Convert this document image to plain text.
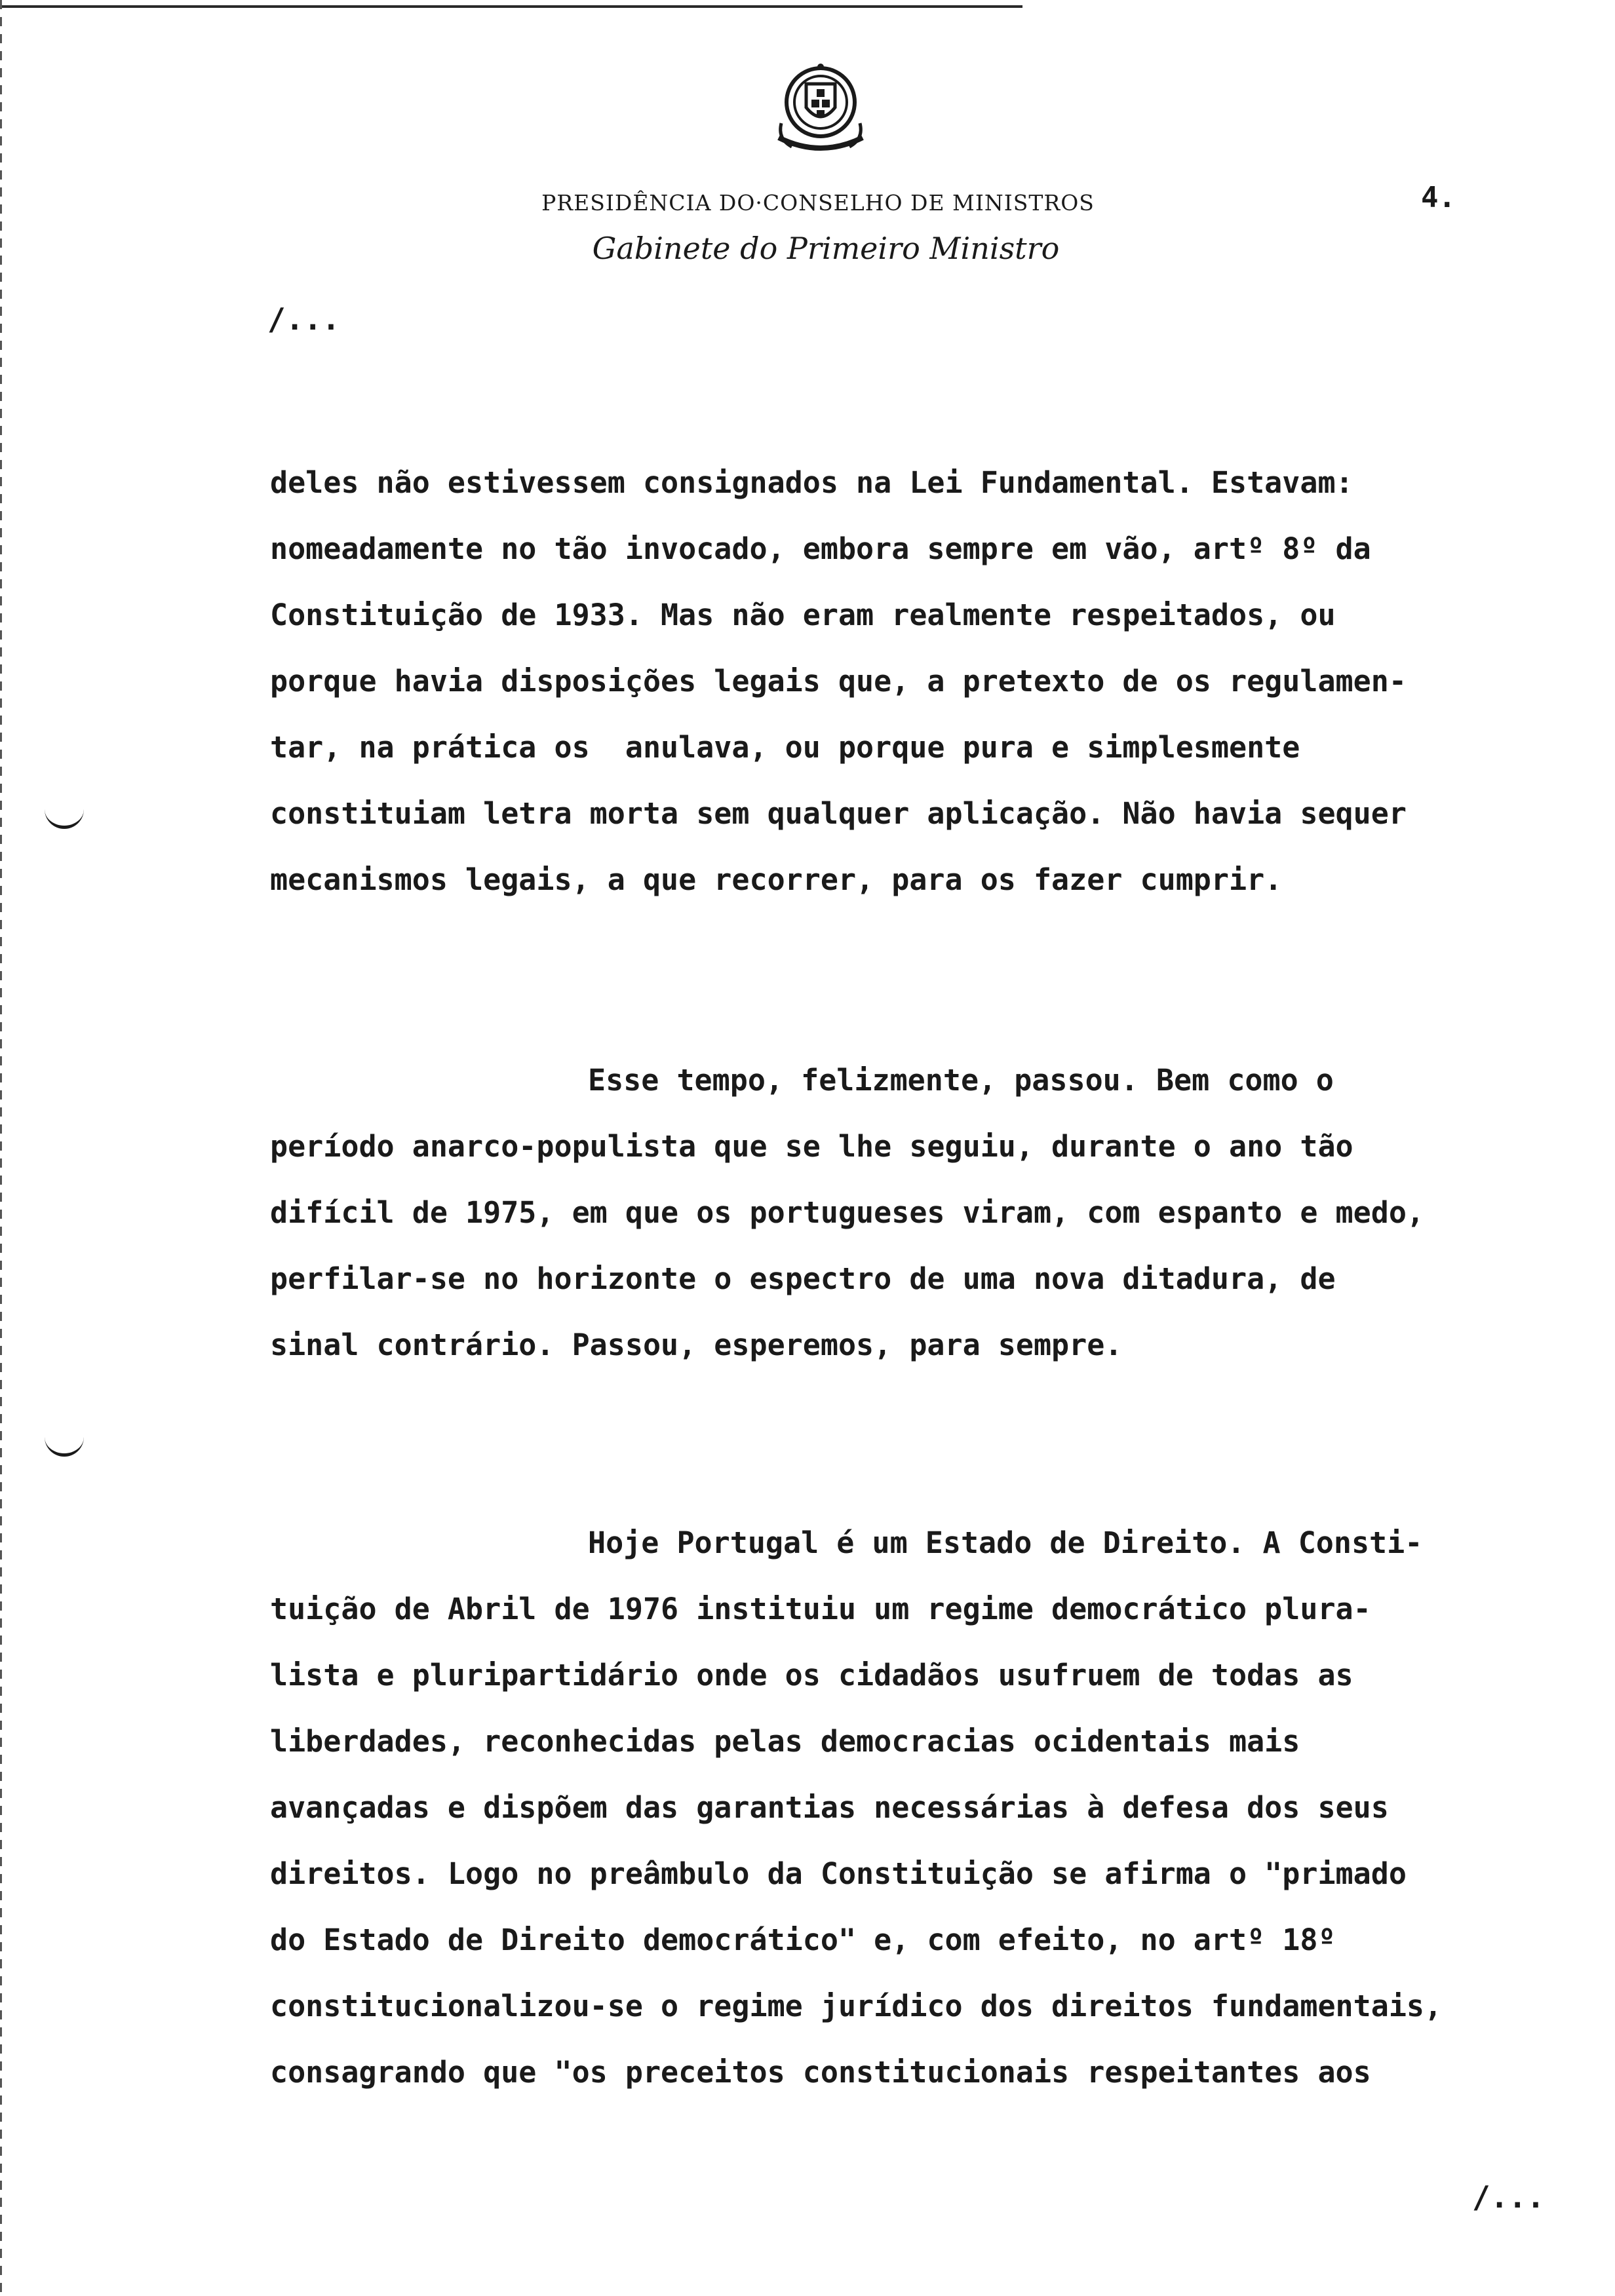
PRESIDÊNCIA DO·CONSELHO DE MINISTROS
Gabinete do Primeiro Ministro
4.
/...
deles não estivessem consignados na Lei Fundamental. Estavam:
nomeadamente no tão invocado, embora sempre em vão, artº 8º da
Constituição de 1933. Mas não eram realmente respeitados, ou
porque havia disposições legais que, a pretexto de os regulamen-
tar, na prática os  anulava, ou porque pura e simplesmente
constituiam letra morta sem qualquer aplicação. Não havia sequer
mecanismos legais, a que recorrer, para os fazer cumprir.
Esse tempo, felizmente, passou. Bem como o
período anarco-populista que se lhe seguiu, durante o ano tão
difícil de 1975, em que os portugueses viram, com espanto e medo,
perfilar-se no horizonte o espectro de uma nova ditadura, de
sinal contrário. Passou, esperemos, para sempre.
Hoje Portugal é um Estado de Direito. A Consti-
tuição de Abril de 1976 instituiu um regime democrático plura-
lista e pluripartidário onde os cidadãos usufruem de todas as
liberdades, reconhecidas pelas democracias ocidentais mais
avançadas e dispõem das garantias necessárias à defesa dos seus
direitos. Logo no preâmbulo da Constituição se afirma o "primado
do Estado de Direito democrático" e, com efeito, no artº 18º
constitucionalizou-se o regime jurídico dos direitos fundamentais,
consagrando que "os preceitos constitucionais respeitantes aos
/...
